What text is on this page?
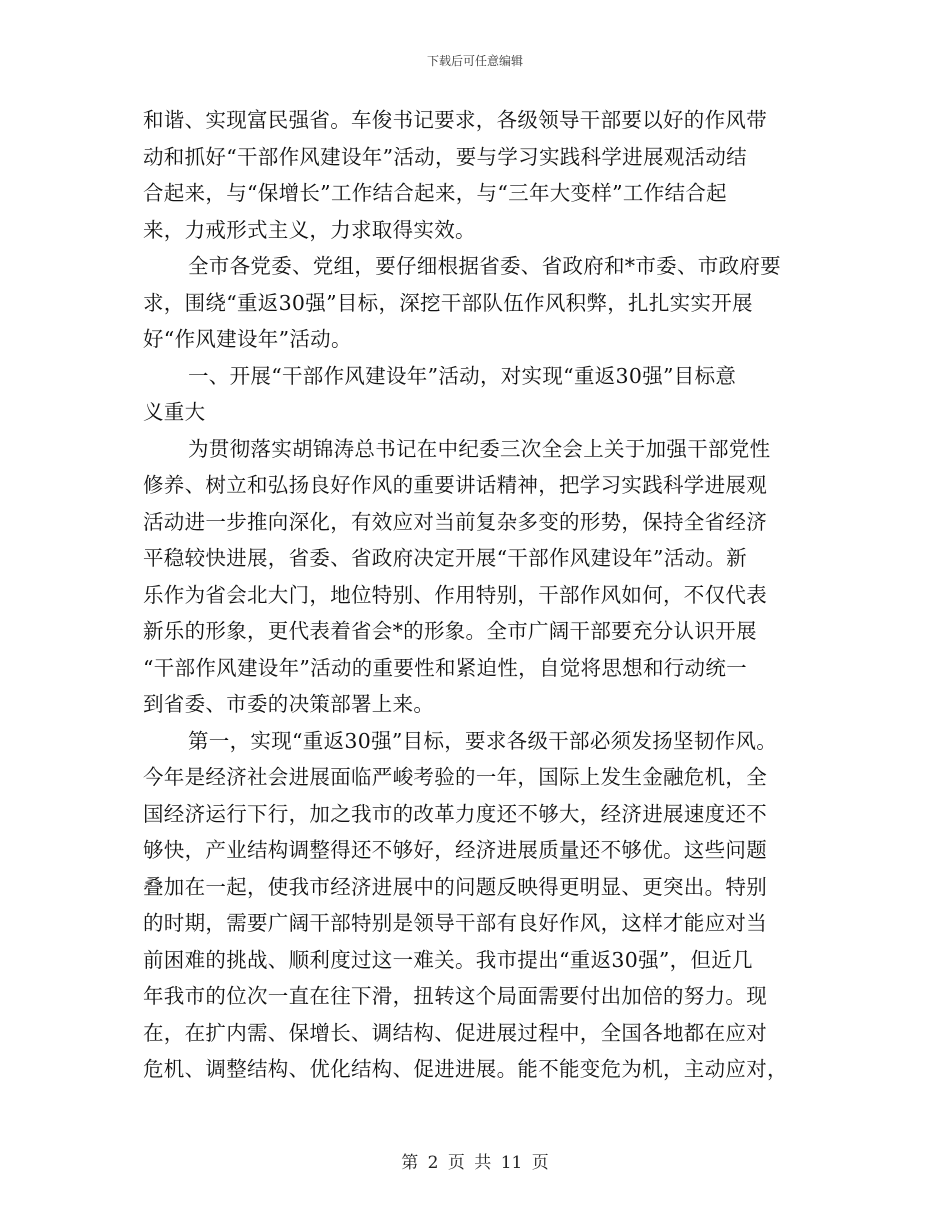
下载后可任意编辑
和谐、实现富民强省。车俊书记要求，各级领导干部要以好的作风带
动和抓好“干部作风建设年”活动，要与学习实践科学进展观活动结
合起来，与“保增长”工作结合起来，与“三年大变样”工作结合起
来，力戒形式主义，力求取得实效。
全市各党委、党组，要仔细根据省委、省政府和*市委、市政府要
求，围绕“重返30强”目标，深挖干部队伍作风积弊，扎扎实实开展
好“作风建设年”活动。
一、开展“干部作风建设年”活动，对实现“重返30强”目标意
义重大
为贯彻落实胡锦涛总书记在中纪委三次全会上关于加强干部党性
修养、树立和弘扬良好作风的重要讲话精神，把学习实践科学进展观
活动进一步推向深化，有效应对当前复杂多变的形势，保持全省经济
平稳较快进展，省委、省政府决定开展“干部作风建设年”活动。新
乐作为省会北大门，地位特别、作用特别，干部作风如何，不仅代表
新乐的形象，更代表着省会*的形象。全市广阔干部要充分认识开展
“干部作风建设年”活动的重要性和紧迫性，自觉将思想和行动统一
到省委、市委的决策部署上来。
第一，实现“重返30强”目标，要求各级干部必须发扬坚韧作风。
今年是经济社会进展面临严峻考验的一年，国际上发生金融危机，全
国经济运行下行，加之我市的改革力度还不够大，经济进展速度还不
够快，产业结构调整得还不够好，经济进展质量还不够优。这些问题
叠加在一起，使我市经济进展中的问题反映得更明显、更突出。特别
的时期，需要广阔干部特别是领导干部有良好作风，这样才能应对当
前困难的挑战、顺利度过这一难关。我市提出“重返30强”，但近几
年我市的位次一直在往下滑，扭转这个局面需要付出加倍的努力。现
在，在扩内需、保增长、调结构、促进展过程中，全国各地都在应对
危机、调整结构、优化结构、促进进展。能不能变危为机，主动应对，
第 2 页 共 11 页
